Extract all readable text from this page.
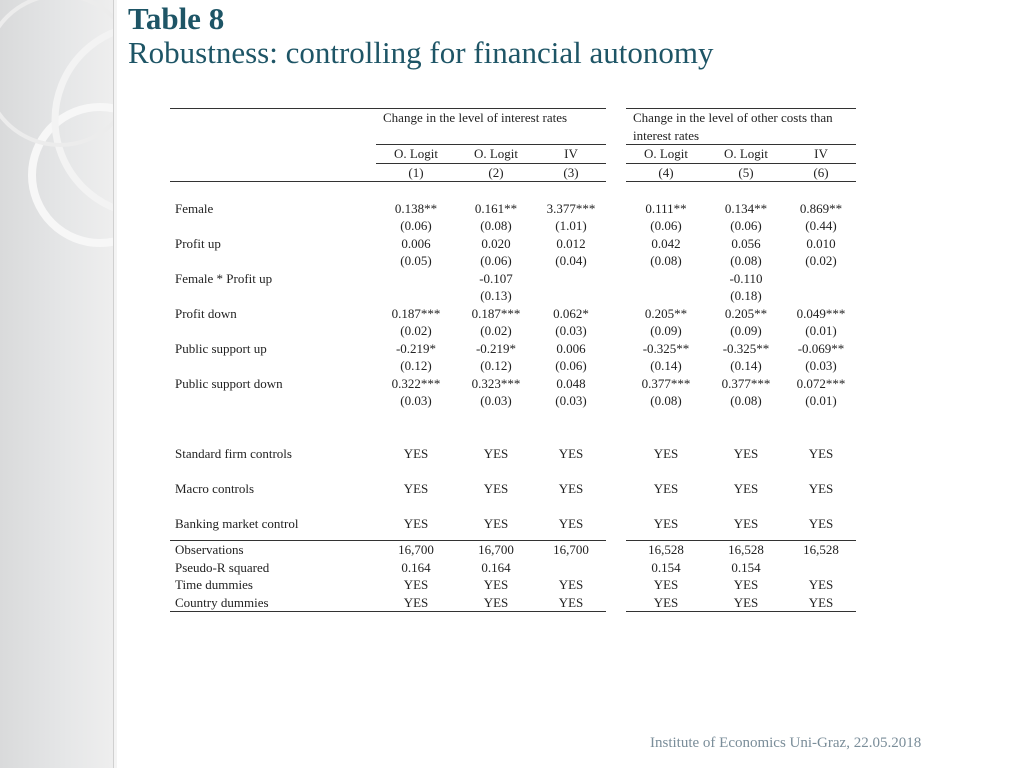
Table 8
Robustness: controlling for financial autonomy
	Change in the level of interest rates				Change in the level of other costs than interest rates		
	O. Logit	O. Logit	IV		O. Logit	O. Logit	IV
	(1)	(2)	(3)		(4)	(5)	(6)

Female	0.138**	0.161**	3.377***		0.111**	0.134**	0.869**
	(0.06)	(0.08)	(1.01)		(0.06)	(0.06)	(0.44)
Profit up	0.006	0.020	0.012		0.042	0.056	0.010
	(0.05)	(0.06)	(0.04)		(0.08)	(0.08)	(0.02)
Female * Profit up		-0.107				-0.110	
		(0.13)				(0.18)	
Profit down	0.187***	0.187***	0.062*		0.205**	0.205**	0.049***
	(0.02)	(0.02)	(0.03)		(0.09)	(0.09)	(0.01)
Public support up	-0.219*	-0.219*	0.006		-0.325**	-0.325**	-0.069**
	(0.12)	(0.12)	(0.06)		(0.14)	(0.14)	(0.03)
Public support down	0.322***	0.323***	0.048		0.377***	0.377***	0.072***
	(0.03)	(0.03)	(0.03)		(0.08)	(0.08)	(0.01)

Standard firm controls	YES	YES	YES		YES	YES	YES

Macro controls	YES	YES	YES		YES	YES	YES

Banking market control	YES	YES	YES		YES	YES	YES

Observations	16,700	16,700	16,700		16,528	16,528	16,528
Pseudo-R squared	0.164	0.164			0.154	0.154	
Time dummies	YES	YES	YES		YES	YES	YES
Country dummies	YES	YES	YES		YES	YES	YES
Institute of Economics Uni-Graz, 22.05.2018
